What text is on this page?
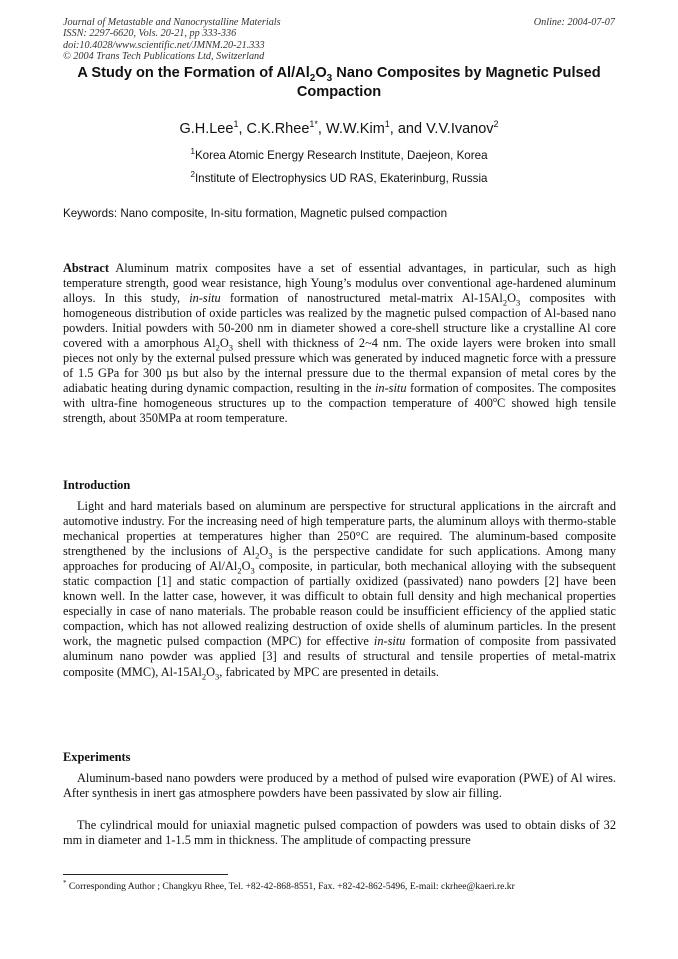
Journal of Metastable and Nanocrystalline Materials
ISSN: 2297-6620, Vols. 20-21, pp 333-336
doi:10.4028/www.scientific.net/JMNM.20-21.333
© 2004 Trans Tech Publications Ltd, Switzerland
Online: 2004-07-07
A Study on the Formation of $Al/Al_2O_3$ Nano Composites by Magnetic Pulsed Compaction
G.H.Lee$^1$, C.K.Rhee$^{1*}$, W.W.Kim$^1$, and V.V.Ivanov$^2$
$^1$Korea Atomic Energy Research Institute, Daejeon, Korea
$^2$Institute of Electrophysics UD RAS, Ekaterinburg, Russia
Keywords: Nano composite, In-situ formation, Magnetic pulsed compaction
Abstract Aluminum matrix composites have a set of essential advantages, in particular, such as high temperature strength, good wear resistance, high Young’s modulus over conventional age-hardened aluminum alloys. In this study, in-situ formation of nanostructured metal-matrix $Al-15Al_2O_3$ composites with homogeneous distribution of oxide particles was realized by the magnetic pulsed compaction of Al-based nano powders. Initial powders with 50-200 nm in diameter showed a core-shell structure like a crystalline Al core covered with a amorphous $Al_2O_3$ shell with thickness of 2~4 nm. The oxide layers were broken into small pieces not only by the external pulsed pressure which was generated by induced magnetic force with a pressure of 1.5 GPa for 300 µs but also by the internal pressure due to the thermal expansion of metal cores by the adiabatic heating during dynamic compaction, resulting in the in-situ formation of composites. The composites with ultra-fine homogeneous structures up to the compaction temperature of 400$^o$C showed high tensile strength, about 350MPa at room temperature.
Introduction
Light and hard materials based on aluminum are perspective for structural applications in the aircraft and automotive industry. For the increasing need of high temperature parts, the aluminum alloys with thermo-stable mechanical properties at temperatures higher than 250°C are required. The aluminum-based composite strengthened by the inclusions of $Al_2O_3$ is the perspective candidate for such applications. Among many approaches for producing of $Al/Al_2O_3$ composite, in particular, both mechanical alloying with the subsequent static compaction [1] and static compaction of partially oxidized (passivated) nano powders [2] have been known well. In the latter case, however, it was difficult to obtain full density and high mechanical properties especially in case of nano materials. The probable reason could be insufficient efficiency of the applied static compaction, which has not allowed realizing destruction of oxide shells of aluminum particles. In the present work, the magnetic pulsed compaction (MPC) for effective in-situ formation of composite from passivated aluminum nano powder was applied [3] and results of structural and tensile properties of metal-matrix composite (MMC), $Al-15Al_2O_3$, fabricated by MPC are presented in details.
Experiments
Aluminum-based nano powders were produced by a method of pulsed wire evaporation (PWE) of Al wires. After synthesis in inert gas atmosphere powders have been passivated by slow air filling.
The cylindrical mould for uniaxial magnetic pulsed compaction of powders was used to obtain disks of 32 mm in diameter and 1-1.5 mm in thickness. The amplitude of compacting pressure
* Corresponding Author ; Changkyu Rhee, Tel. +82-42-868-8551, Fax. +82-42-862-5496, E-mail: ckrhee@kaeri.re.kr
